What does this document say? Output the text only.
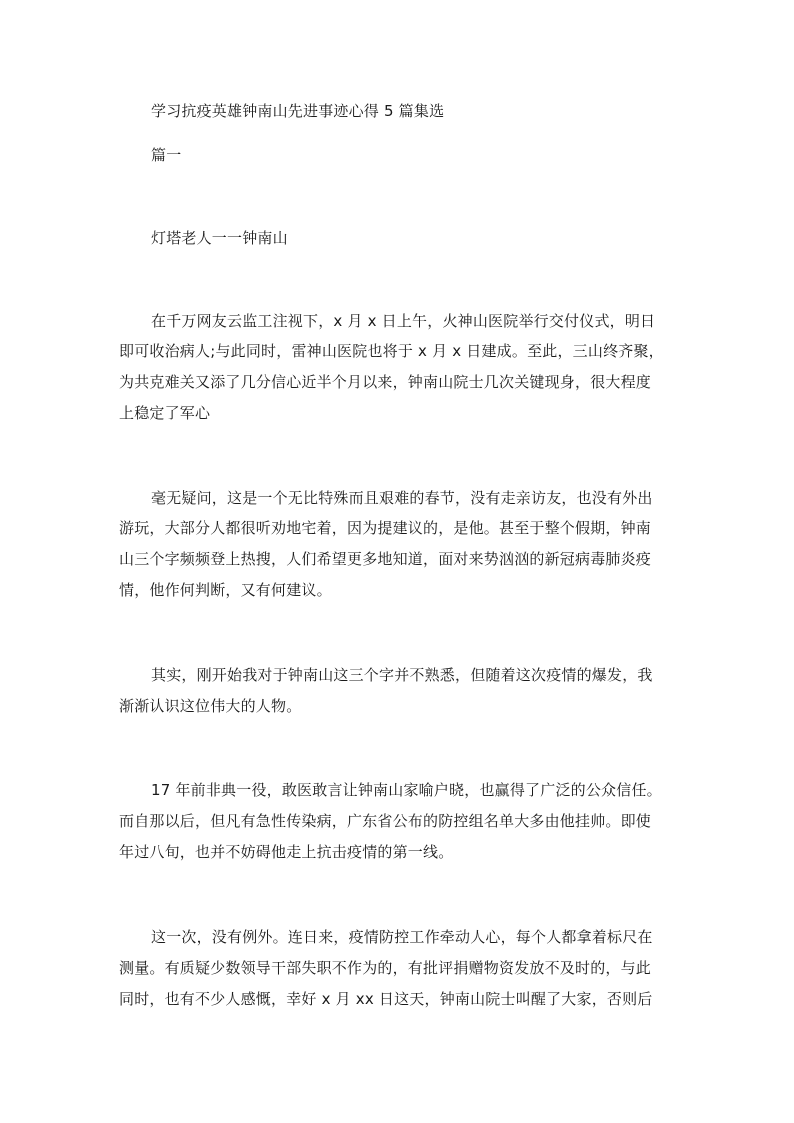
学习抗疫英雄钟南山先进事迹心得 5 篇集选
篇一
灯塔老人一一钟南山
在千万网友云监工注视下，x 月 x 日上午，火神山医院举行交付仪式，明日
即可收治病人;与此同时，雷神山医院也将于 x 月 x 日建成。至此，三山终齐聚，
为共克难关又添了几分信心近半个月以来，钟南山院士几次关键现身，很大程度
上稳定了军心
毫无疑问，这是一个无比特殊而且艰难的春节，没有走亲访友，也没有外出
游玩，大部分人都很听劝地宅着，因为提建议的，是他。甚至于整个假期，钟南
山三个字频频登上热搜，人们希望更多地知道，面对来势汹汹的新冠病毒肺炎疫
情，他作何判断，又有何建议。
其实，刚开始我对于钟南山这三个字并不熟悉，但随着这次疫情的爆发，我
渐渐认识这位伟大的人物。
17 年前非典一役，敢医敢言让钟南山家喻户晓，也赢得了广泛的公众信任。
而自那以后，但凡有急性传染病，广东省公布的防控组名单大多由他挂帅。即使
年过八旬，也并不妨碍他走上抗击疫情的第一线。
这一次，没有例外。连日来，疫情防控工作牵动人心，每个人都拿着标尺在
测量。有质疑少数领导干部失职不作为的，有批评捐赠物资发放不及时的，与此
同时，也有不少人感慨，幸好 x 月 xx 日这天，钟南山院士叫醒了大家，否则后
